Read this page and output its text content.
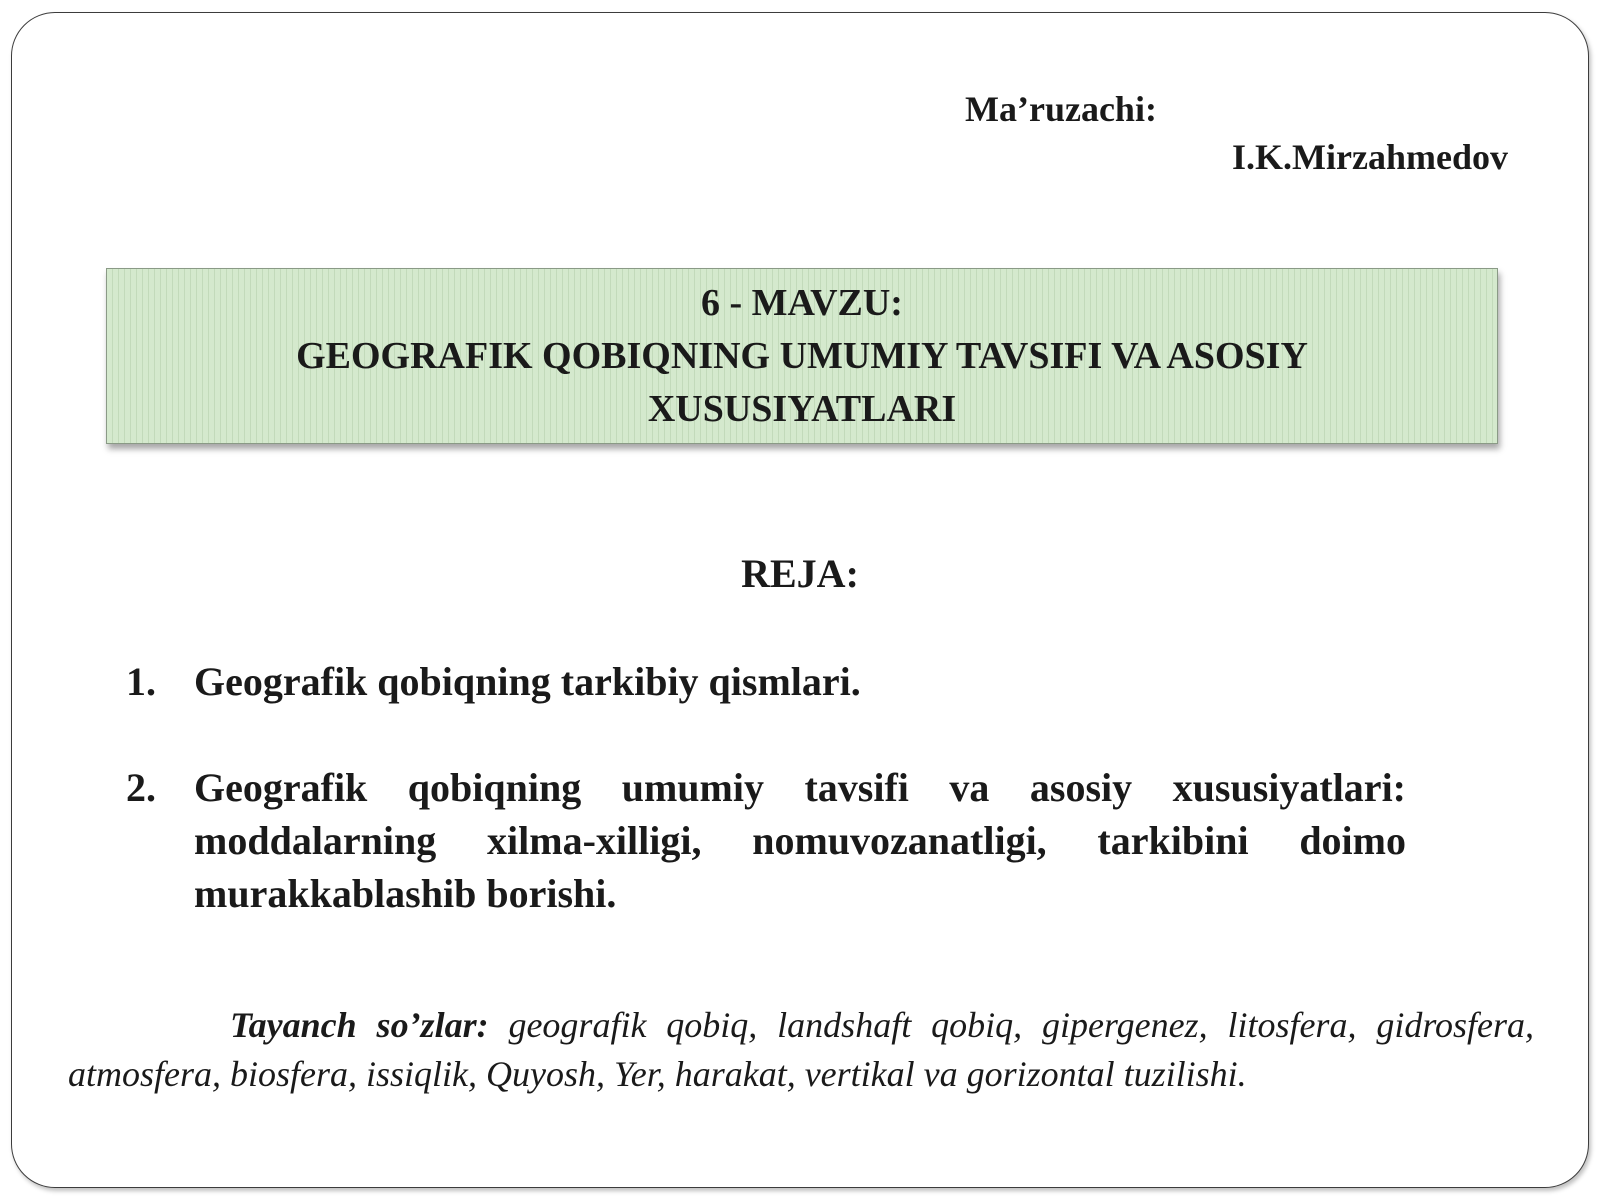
Ma’ruzachi:

I.K.Mirzahmedov

6 - MAVZU:

GEOGRAFIK QOBIQNING UMUMIY TAVSIFI VA ASOSIY XUSUSIYATLARI

REJA:

1. Geografik qobiqning tarkibiy qismlari.
2. Geografik qobiqning umumiy tavsifi va asosiy xususiyatlari: moddalarning xilma-xilligi, nomuvozanatligi, tarkibini doimo murakkablashib borishi.

Tayanch so’zlar: geografik qobiq, landshaft qobiq, gipergenez, litosfera, gidrosfera, atmosfera, biosfera, issiqlik, Quyosh, Yer, harakat, vertikal va gorizontal tuzilishi.
